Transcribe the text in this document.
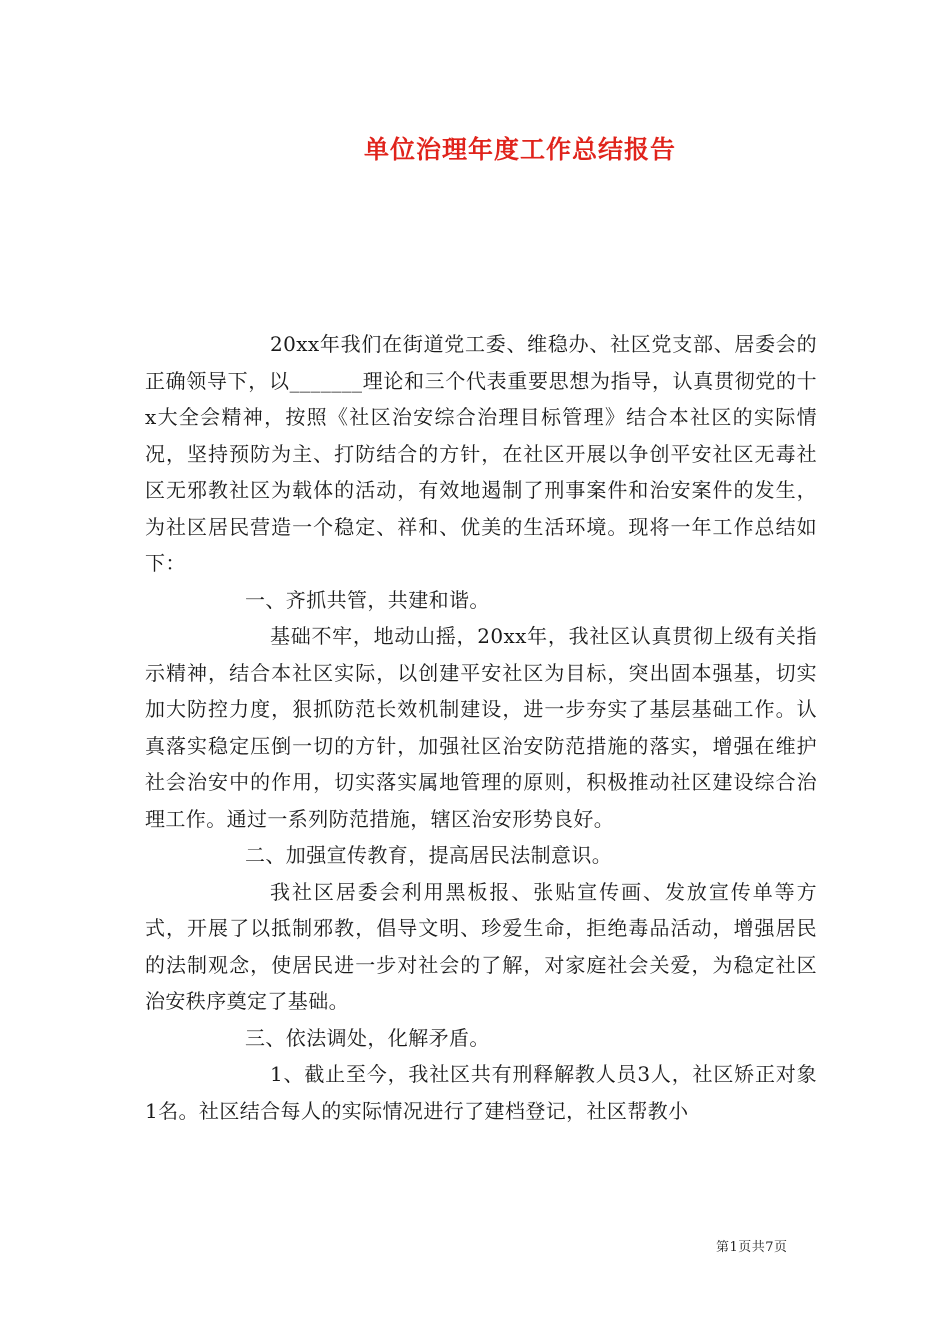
单位治理年度工作总结报告

20xx年我们在街道党工委、维稳办、社区党支部、居委会的正确领导下，以_______理论和三个代表重要思想为指导，认真贯彻党的十x大全会精神，按照《社区治安综合治理目标管理》结合本社区的实际情况，坚持预防为主、打防结合的方针，在社区开展以争创平安社区无毒社区无邪教社区为载体的活动，有效地遏制了刑事案件和治安案件的发生，为社区居民营造一个稳定、祥和、优美的生活环境。现将一年工作总结如下：

一、齐抓共管，共建和谐。

基础不牢，地动山摇，20xx年，我社区认真贯彻上级有关指示精神，结合本社区实际，以创建平安社区为目标，突出固本强基，切实加大防控力度，狠抓防范长效机制建设，进一步夯实了基层基础工作。认真落实稳定压倒一切的方针，加强社区治安防范措施的落实，增强在维护社会治安中的作用，切实落实属地管理的原则，积极推动社区建设综合治理工作。通过一系列防范措施，辖区治安形势良好。

二、加强宣传教育，提高居民法制意识。

我社区居委会利用黑板报、张贴宣传画、发放宣传单等方式，开展了以抵制邪教，倡导文明、珍爱生命，拒绝毒品活动，增强居民的法制观念，使居民进一步对社会的了解，对家庭社会关爱，为稳定社区治安秩序奠定了基础。

三、依法调处，化解矛盾。

1、截止至今，我社区共有刑释解教人员3人，社区矫正对象1名。社区结合每人的实际情况进行了建档登记，社区帮教小

第1页共7页
